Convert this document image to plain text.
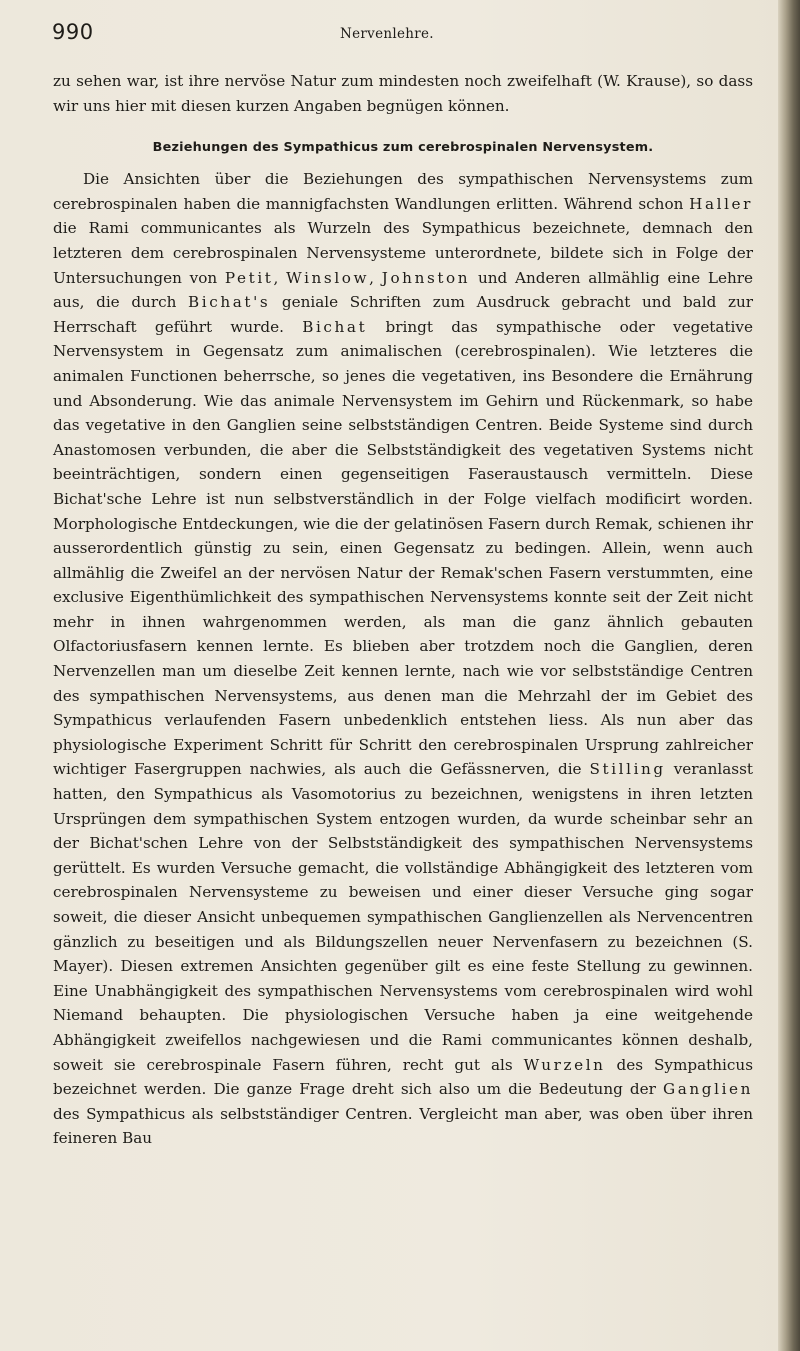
990	Nervenlehre.

zu sehen war, ist ihre nervöse Natur zum mindesten noch zweifelhaft (W. Krause), so dass wir uns hier mit diesen kurzen Angaben begnügen können.

Beziehungen des Sympathicus zum cerebrospinalen Nervensystem.

Die Ansichten über die Beziehungen des sympathischen Nervensystems zum cerebrospinalen haben die mannigfachsten Wandlungen erlitten. Während schon Haller die Rami communicantes als Wurzeln des Sympathicus bezeichnete, demnach den letzteren dem cerebrospinalen Nervensysteme unterordnete, bildete sich in Folge der Untersuchungen von Petit, Winslow, Johnston und Anderen allmählig eine Lehre aus, die durch Bichat's geniale Schriften zum Ausdruck gebracht und bald zur Herrschaft geführt wurde. Bichat bringt das sympathische oder vegetative Nervensystem in Gegensatz zum animalischen (cerebrospinalen). Wie letzteres die animalen Functionen beherrsche, so jenes die vegetativen, ins Besondere die Ernährung und Absonderung. Wie das animale Nervensystem im Gehirn und Rückenmark, so habe das vegetative in den Ganglien seine selbstständigen Centren. Beide Systeme sind durch Anastomosen verbunden, die aber die Selbstständigkeit des vegetativen Systems nicht beeinträchtigen, sondern einen gegenseitigen Faseraustausch vermitteln. Diese Bichat'sche Lehre ist nun selbstverständlich in der Folge vielfach modificirt worden. Morphologische Entdeckungen, wie die der gelatinösen Fasern durch Remak, schienen ihr ausserordentlich günstig zu sein, einen Gegensatz zu bedingen. Allein, wenn auch allmählig die Zweifel an der nervösen Natur der Remak'schen Fasern verstummten, eine exclusive Eigenthümlichkeit des sympathischen Nervensystems konnte seit der Zeit nicht mehr in ihnen wahrgenommen werden, als man die ganz ähnlich gebauten Olfactoriusfasern kennen lernte. Es blieben aber trotzdem noch die Ganglien, deren Nervenzellen man um dieselbe Zeit kennen lernte, nach wie vor selbstständige Centren des sympathischen Nervensystems, aus denen man die Mehrzahl der im Gebiet des Sympathicus verlaufenden Fasern unbedenklich entstehen liess. Als nun aber das physiologische Experiment Schritt für Schritt den cerebrospinalen Ursprung zahlreicher wichtiger Fasergruppen nachwies, als auch die Gefässnerven, die Stilling veranlasst hatten, den Sympathicus als Vasomotorius zu bezeichnen, wenigstens in ihren letzten Ursprüngen dem sympathischen System entzogen wurden, da wurde scheinbar sehr an der Bichat'schen Lehre von der Selbstständigkeit des sympathischen Nervensystems gerüttelt. Es wurden Versuche gemacht, die vollständige Abhängigkeit des letzteren vom cerebrospinalen Nervensysteme zu beweisen und einer dieser Versuche ging sogar soweit, die dieser Ansicht unbequemen sympathischen Ganglienzellen als Nervencentren gänzlich zu beseitigen und als Bildungszellen neuer Nervenfasern zu bezeichnen (S. Mayer). Diesen extremen Ansichten gegenüber gilt es eine feste Stellung zu gewinnen. Eine Unabhängigkeit des sympathischen Nervensystems vom cerebrospinalen wird wohl Niemand behaupten. Die physiologischen Versuche haben ja eine weitgehende Abhängigkeit zweifellos nachgewiesen und die Rami communicantes können deshalb, soweit sie cerebrospinale Fasern führen, recht gut als Wurzeln des Sympathicus bezeichnet werden. Die ganze Frage dreht sich also um die Bedeutung der Ganglien des Sympathicus als selbstständiger Centren. Vergleicht man aber, was oben über ihren feineren Bau
